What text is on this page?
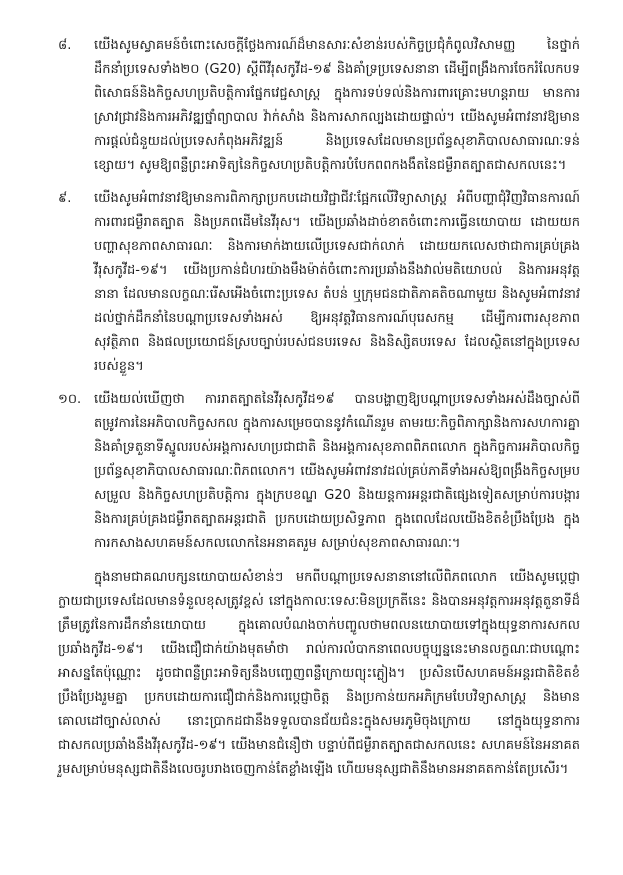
៨.	យើងសូមស្វាគមន៍ចំពោះសេចក្តីថ្លែងការណ៍ដ៏មានសារៈសំខាន់របស់កិច្ចប្រជុំកំពូលវិសាមញ្ញ នៃថ្នាក់ដឹកនាំប្រទេសទាំង២០ (G20) ស្តីពីវីរុសកូវីដ-១៩ និងគាំទ្រប្រទេសនានា ដើម្បីពង្រឹងការចែករំលែកបទពិសោធន៍និងកិច្ចសហប្រតិបត្តិការផ្នែកវេជ្ជសាស្ត្រ ក្នុងការទប់ទល់និងការពារគ្រោះមហន្តរាយ មានការស្រាវជ្រាវនិងការអភិវឌ្ឍថ្នាំព្យាបាល វ៉ាក់សាំង និងការសាកល្បងដោយផ្ទាល់។ យើងសូមអំពាវនាវឱ្យមានការផ្តល់ជំនួយដល់ប្រទេសកំពុងអភិវឌ្ឍន៍ និងប្រទេសដែលមានប្រព័ន្ធសុខាភិបាលសាធារណៈទន់ខ្សោយ។ សូមឱ្យពន្លឺព្រះអាទិត្យនៃកិច្ចសហប្រតិបត្តិការបំបែកពពកងងឹតនៃជម្ងឺរាតត្បាតជាសកលនេះ។
៩.	យើងសូមអំពាវនាវឱ្យមានការពិភាក្សាប្រកបដោយវិជ្ជាជីវៈផ្អែកលើវិទ្យាសាស្ត្រ អំពីបញ្ហាជុំវិញវិធានការណ៍ការពារជម្ងឺរាតត្បាត និងប្រភពដើមនៃវីរុស។ យើងប្រឆាំងដាច់ខាតចំពោះការធ្វើនយោបាយ ដោយយកបញ្ហាសុខភាពសាធារណៈ និងការមាក់ងាយលើប្រទេសជាក់លាក់ ដោយយកលេសថាជាការគ្រប់គ្រងវីរុសកូវីដ-១៩។ យើងប្រកាន់ជំហរយ៉ាងមឹងម៉ាត់ចំពោះការប្រឆាំងនឹងវាល់មតិយោបល់ និងការអនុវត្តនានា ដែលមានលក្ខណៈរើសអើងចំពោះប្រទេស តំបន់ ឬក្រុមជនជាតិភាគតិចណាមួយ និងសូមអំពាវនាវដល់ថ្នាក់ដឹកនាំនៃបណ្តាប្រទេសទាំងអស់ ឱ្យអនុវត្តវិធានការណ៍បុរេសកម្ម ដើម្បីការពារសុខភាព សុវត្ថិភាព និងផលប្រយោជន៍ស្របច្បាប់របស់ជនបរទេស និងនិស្សិតបរទេស ដែលស្ថិតនៅក្នុងប្រទេសរបស់ខ្លួន។
១០. យើងយល់ឃើញថា ការរាតត្បាតនៃវីរុសកូវីដ១៩ បានបង្ហាញឱ្យបណ្តាប្រទេសទាំងអស់ដឹងច្បាស់ពីតម្រូវការនៃអភិបាលកិច្ចសកល ក្នុងការសម្រេចបាននូវកំណើនរួម តាមរយៈកិច្ចពិភាក្សានិងការសហការគ្នា និងគាំទ្រតួនាទីស្នូលរបស់អង្គការសហប្រជាជាតិ និងអង្គការសុខភាពពិភពលោក ក្នុងកិច្ចការអភិបាលកិច្ចប្រព័ន្ធសុខាភិបាលសាធារណៈពិភពលោក។ យើងសូមអំពាវនាវដល់គ្រប់ភាគីទាំងអស់ឱ្យពង្រឹងកិច្ចសម្របសម្រួល និងកិច្ចសហប្រតិបត្តិការ ក្នុងក្របខណ្ឌ G20 និងយន្តការអន្តរជាតិផ្សេងទៀតសម្រាប់ការបង្ការ និងការគ្រប់គ្រងជម្ងឺរាតត្បាតអន្តរជាតិ ប្រកបដោយប្រសិទ្ធភាព ក្នុងពេលដែលយើងខិតខំប្រឹងប្រែង ក្នុងការកសាងសហគមន៍សកលលោកនៃអនាគតរួម សម្រាប់សុខភាពសាធារណៈ។

ក្នុងនាមជាគណបក្សនយោបាយសំខាន់ៗ មកពីបណ្តាប្រទេសនានានៅលើពិភពលោក យើងសូមប្តេជ្ញាក្លាយជាប្រទេសដែលមានទំនួលខុសត្រូវខ្ពស់ នៅក្នុងកាលៈទេសៈមិនប្រក្រតីនេះ និងបានអនុវត្តការអនុវត្តតួនាទីដ៏ត្រឹមត្រូវនៃការដឹកនាំនយោបាយ ក្នុងគោលបំណងចាក់បញ្ចូលថាមពលនយោបាយទៅក្នុងយុទ្ធនាការសកលប្រឆាំងកូវីដ-១៩។ យើងជឿជាក់យ៉ាងមុតមាំថា រាល់ការលំបាកនាពេលបច្ចុប្បន្ននេះមានលក្ខណៈជាបណ្តោះអាសន្នតែប៉ុណ្ណោះ ដូចជាពន្លឺព្រះអាទិត្យនឹងបញ្ចេញពន្លឺក្រោយព្យុះភ្លៀង។ ប្រសិនបើសហគមន៍អន្តរជាតិខិតខំប្រឹងប្រែងរួមគ្នា ប្រកបដោយការជឿជាក់និងការប្តេជ្ញាចិត្ត និងប្រកាន់យកអភិក្រមបែបវិទ្យាសាស្ត្រ និងមានគោលដៅច្បាស់លាស់ នោះប្រាកដជានឹងទទួលបានជ័យជំនះក្នុងសមរភូមិចុងក្រោយ នៅក្នុងយុទ្ធនាការជាសកលប្រឆាំងនឹងវីរុសកូវីដ-១៩។ យើងមានជំនឿថា បន្ទាប់ពីជម្ងឺរាតត្បាតជាសកលនេះ សហគមន៍នៃអនាគតរួមសម្រាប់មនុស្សជាតិនឹងលេចរូបរាងចេញកាន់តែខ្លាំងឡើង ហើយមនុស្សជាតិនឹងមានអនាគតកាន់តែប្រសើរ។
